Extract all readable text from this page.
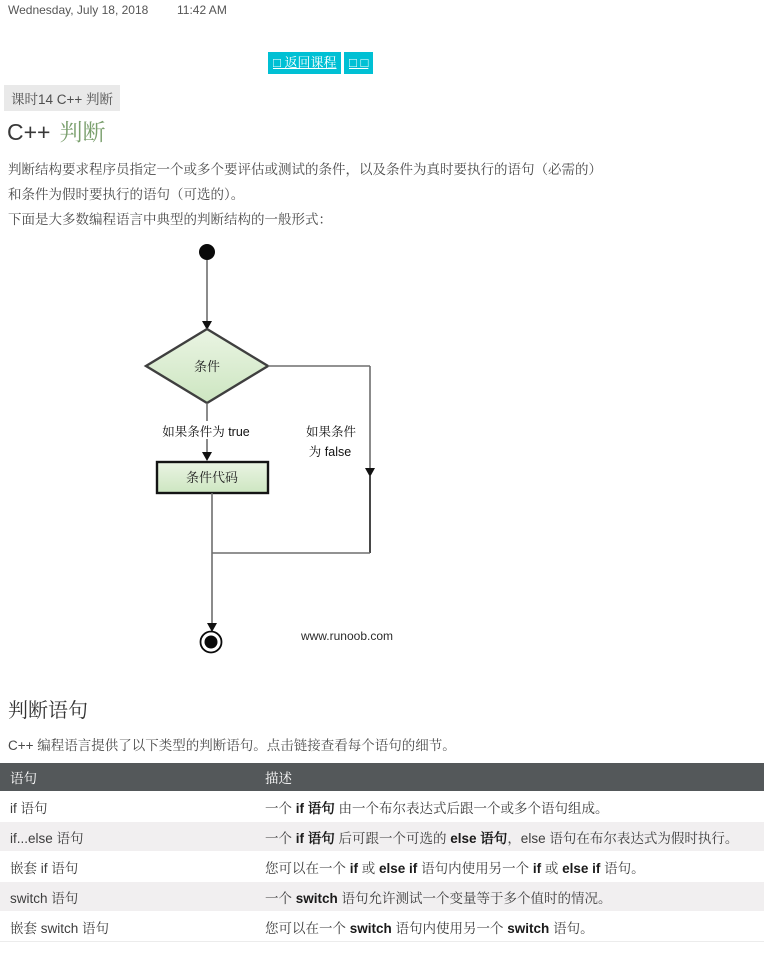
Wednesday, July 18, 2018 11:42 AM
□ 返回课程 □ □
课时14 C++ 判断
C++ 判断
判断结构要求程序员指定一个或多个要评估或测试的条件，以及条件为真时要执行的语句（必需的）
和条件为假时要执行的语句（可选的）。
下面是大多数编程语言中典型的判断结构的一般形式：
条件
如果条件为 true	如果条件
为 false
条件代码
www.runoob.com
判断语句
C++ 编程语言提供了以下类型的判断语句。点击链接查看每个语句的细节。
语句	描述
if 语句	一个 if 语句 由一个布尔表达式后跟一个或多个语句组成。
if...else 语句	一个 if 语句 后可跟一个可选的 else 语句，else 语句在布尔表达式为假时执行。
嵌套 if 语句	您可以在一个 if 或 else if 语句内使用另一个 if 或 else if 语句。
switch 语句	一个 switch 语句允许测试一个变量等于多个值时的情况。
嵌套 switch 语句	您可以在一个 switch 语句内使用另一个 switch 语句。
